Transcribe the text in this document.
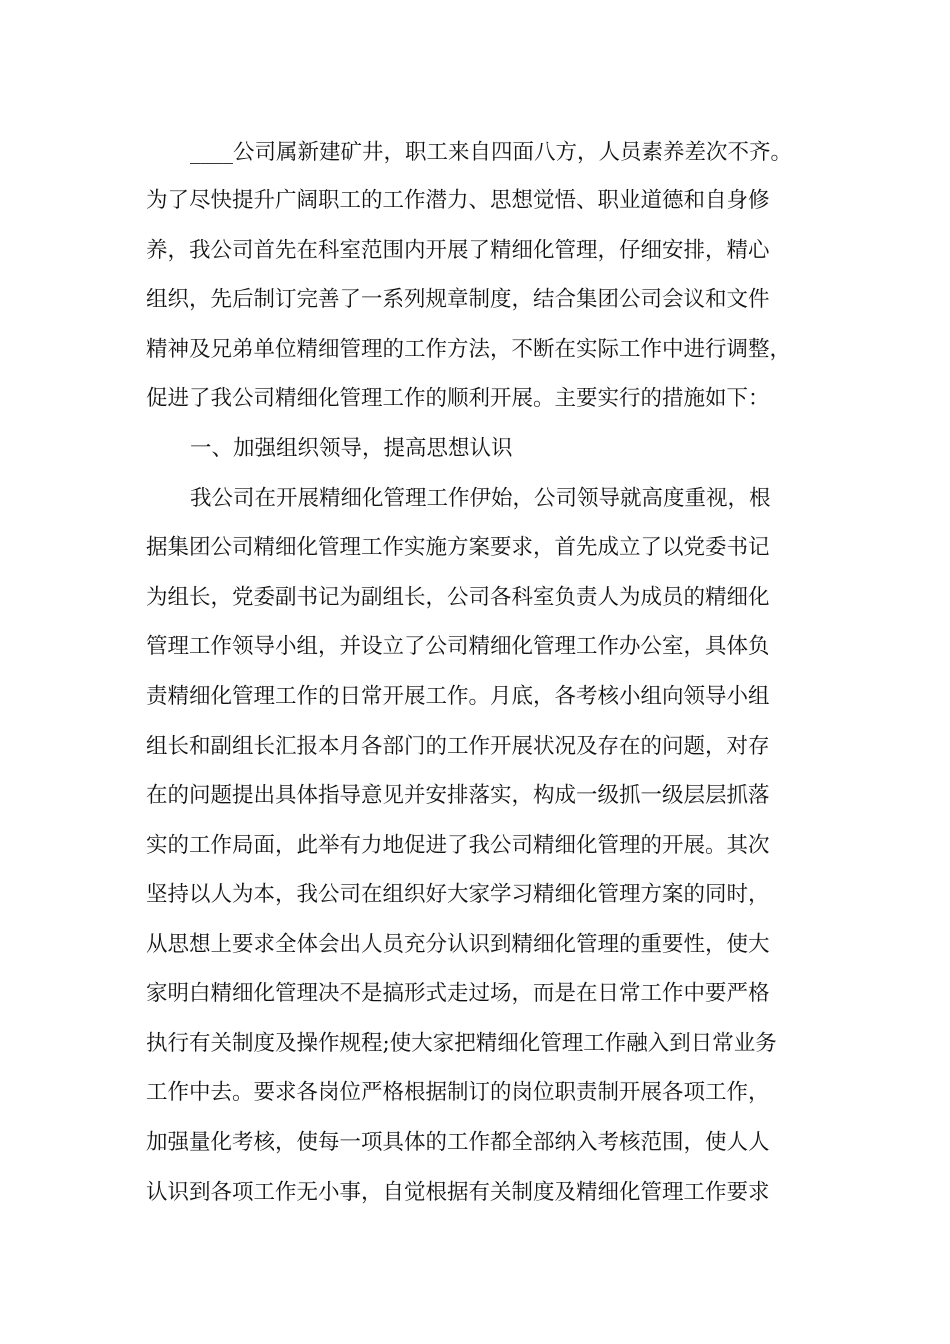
____公司属新建矿井，职工来自四面八方，人员素养差次不齐。
为了尽快提升广阔职工的工作潜力、思想觉悟、职业道德和自身修
养，我公司首先在科室范围内开展了精细化管理，仔细安排，精心
组织，先后制订完善了一系列规章制度，结合集团公司会议和文件
精神及兄弟单位精细管理的工作方法，不断在实际工作中进行调整，
促进了我公司精细化管理工作的顺利开展。主要实行的措施如下：
一、加强组织领导，提高思想认识
我公司在开展精细化管理工作伊始，公司领导就高度重视，根
据集团公司精细化管理工作实施方案要求，首先成立了以党委书记
为组长，党委副书记为副组长，公司各科室负责人为成员的精细化
管理工作领导小组，并设立了公司精细化管理工作办公室，具体负
责精细化管理工作的日常开展工作。月底，各考核小组向领导小组
组长和副组长汇报本月各部门的工作开展状况及存在的问题，对存
在的问题提出具体指导意见并安排落实，构成一级抓一级层层抓落
实的工作局面，此举有力地促进了我公司精细化管理的开展。其次
坚持以人为本，我公司在组织好大家学习精细化管理方案的同时，
从思想上要求全体会出人员充分认识到精细化管理的重要性，使大
家明白精细化管理决不是搞形式走过场，而是在日常工作中要严格
执行有关制度及操作规程;使大家把精细化管理工作融入到日常业务
工作中去。要求各岗位严格根据制订的岗位职责制开展各项工作，
加强量化考核，使每一项具体的工作都全部纳入考核范围，使人人
认识到各项工作无小事，自觉根据有关制度及精细化管理工作要求
